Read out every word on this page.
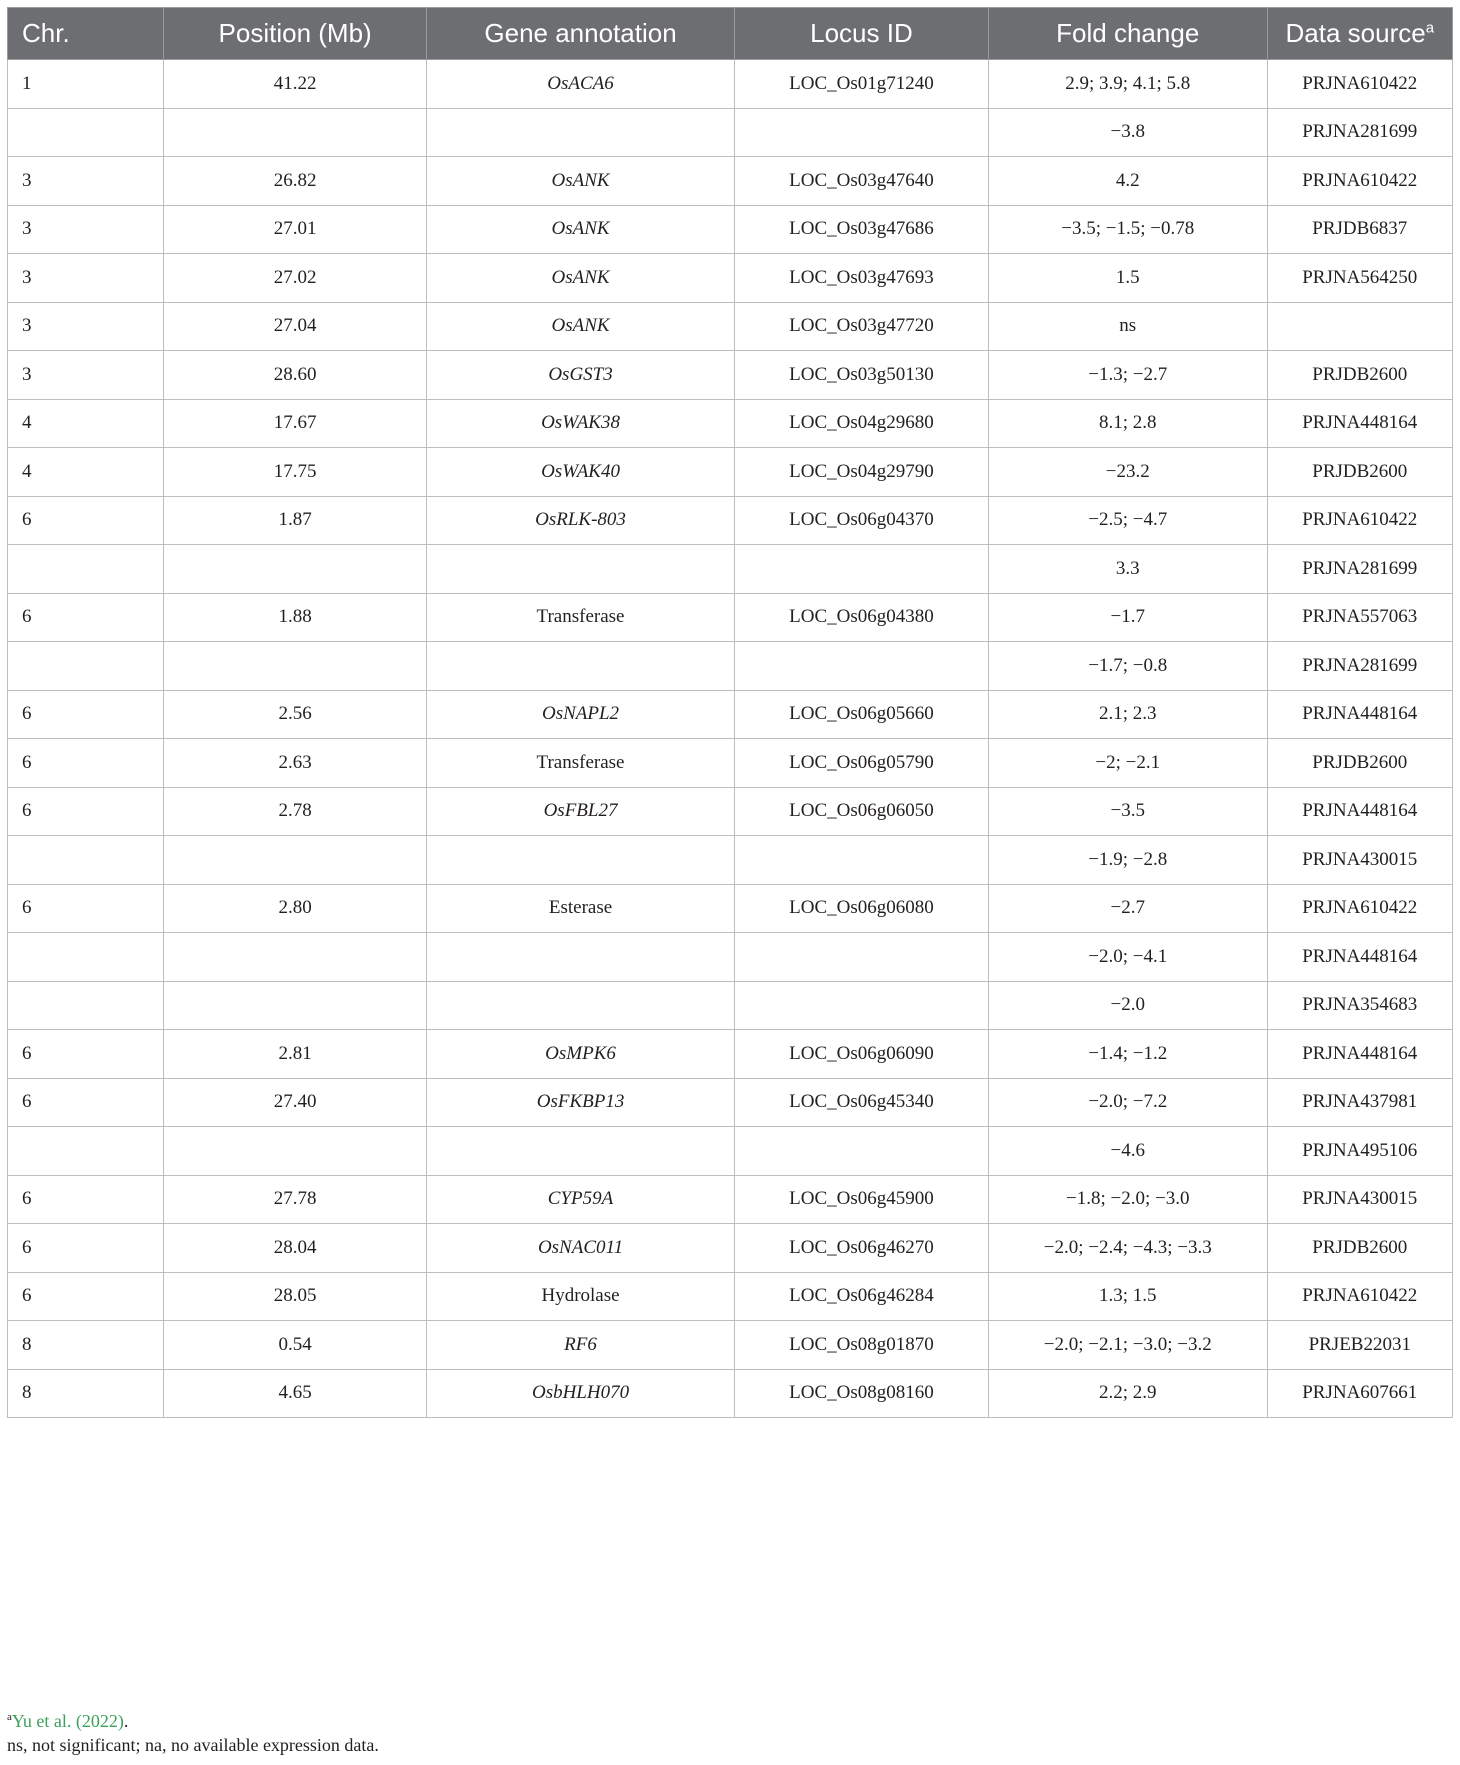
Chr.	Position (Mb)	Gene annotation	Locus ID	Fold change	Data source$^a$
1	41.22	OsACA6	LOC_Os01g71240	2.9; 3.9; 4.1; 5.8	PRJNA610422
				−3.8	PRJNA281699
3	26.82	OsANK	LOC_Os03g47640	4.2	PRJNA610422
3	27.01	OsANK	LOC_Os03g47686	−3.5; −1.5; −0.78	PRJDB6837
3	27.02	OsANK	LOC_Os03g47693	1.5	PRJNA564250
3	27.04	OsANK	LOC_Os03g47720	ns	
3	28.60	OsGST3	LOC_Os03g50130	−1.3; −2.7	PRJDB2600
4	17.67	OsWAK38	LOC_Os04g29680	8.1; 2.8	PRJNA448164
4	17.75	OsWAK40	LOC_Os04g29790	−23.2	PRJDB2600
6	1.87	OsRLK-803	LOC_Os06g04370	−2.5; −4.7	PRJNA610422
				3.3	PRJNA281699
6	1.88	Transferase	LOC_Os06g04380	−1.7	PRJNA557063
				−1.7; −0.8	PRJNA281699
6	2.56	OsNAPL2	LOC_Os06g05660	2.1; 2.3	PRJNA448164
6	2.63	Transferase	LOC_Os06g05790	−2; −2.1	PRJDB2600
6	2.78	OsFBL27	LOC_Os06g06050	−3.5	PRJNA448164
				−1.9; −2.8	PRJNA430015
6	2.80	Esterase	LOC_Os06g06080	−2.7	PRJNA610422
				−2.0; −4.1	PRJNA448164
				−2.0	PRJNA354683
6	2.81	OsMPK6	LOC_Os06g06090	−1.4; −1.2	PRJNA448164
6	27.40	OsFKBP13	LOC_Os06g45340	−2.0; −7.2	PRJNA437981
				−4.6	PRJNA495106
6	27.78	CYP59A	LOC_Os06g45900	−1.8; −2.0; −3.0	PRJNA430015
6	28.04	OsNAC011	LOC_Os06g46270	−2.0; −2.4; −4.3; −3.3	PRJDB2600
6	28.05	Hydrolase	LOC_Os06g46284	1.3; 1.5	PRJNA610422
8	0.54	RF6	LOC_Os08g01870	−2.0; −2.1; −3.0; −3.2	PRJEB22031
8	4.65	OsbHLH070	LOC_Os08g08160	2.2; 2.9	PRJNA607661
$^a$Yu et al. (2022).
ns, not significant; na, no available expression data.
